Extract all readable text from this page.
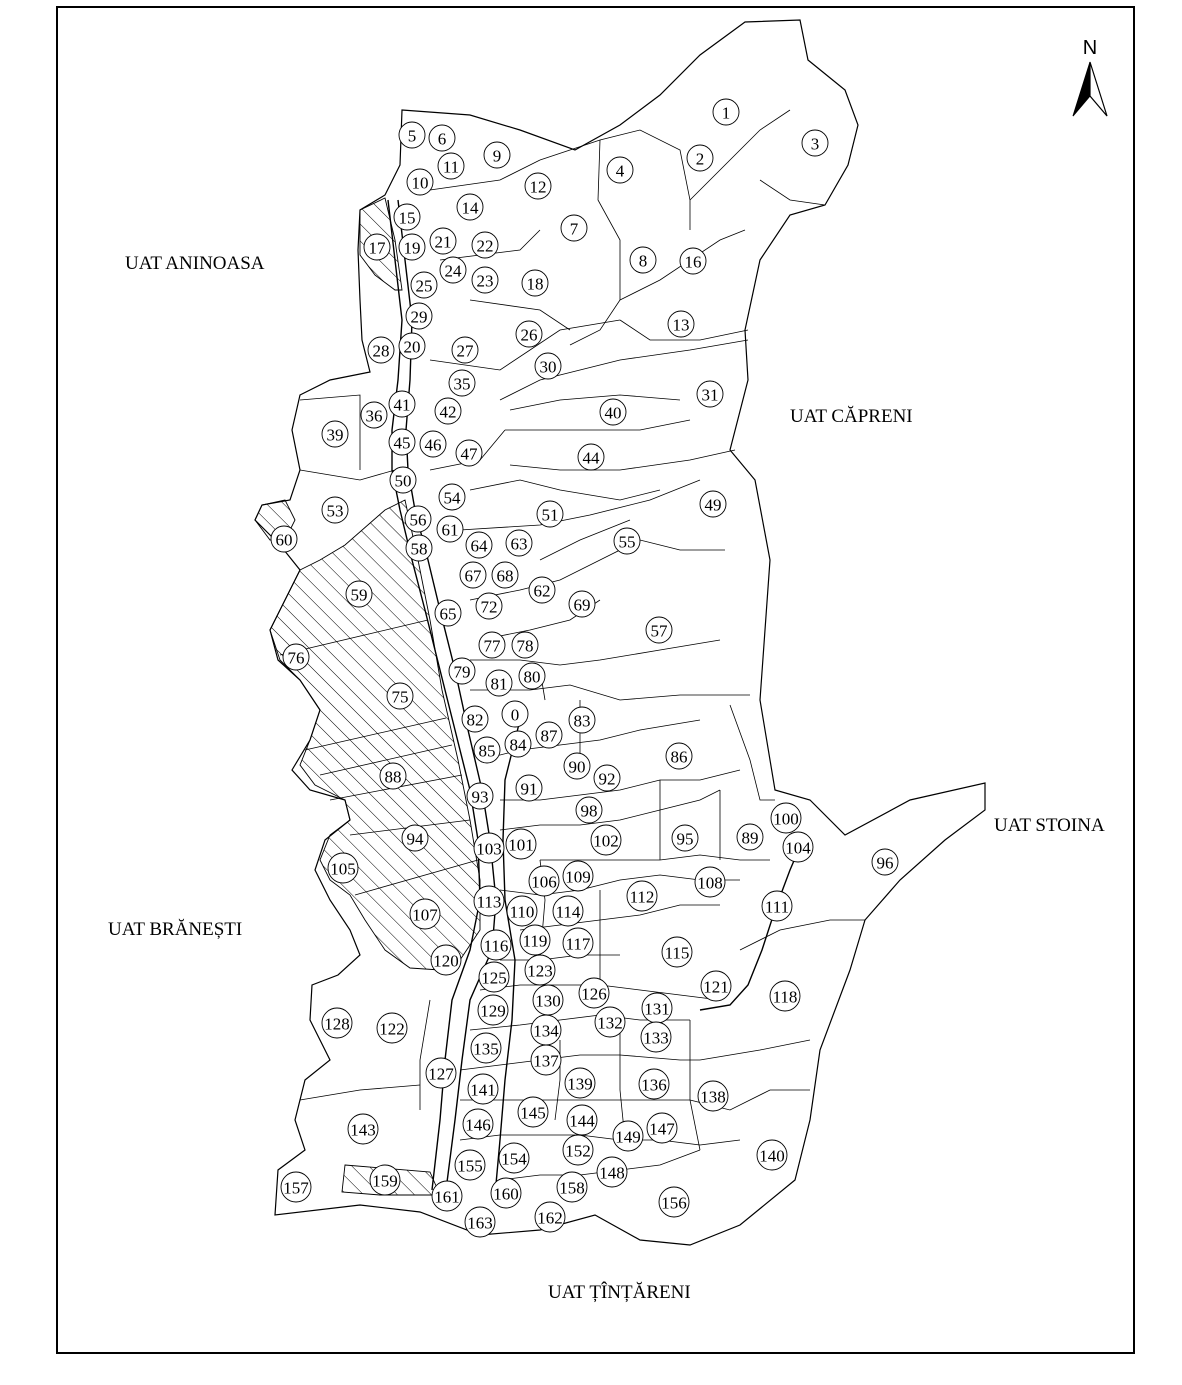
UAT ANINOASA
UAT CĂPRENI
UAT STOINA
UAT BRĂNEȘTI
UAT ȚÎNȚĂRENI
N
1
2
3
4
5 6
7
8
9
10
11
12
13
14
15
16
17
18
19
20
21 22
23
24
25
26
27
28
29
30
31
35
36
39
40
41 42
44
45 46 47
49
50
51
53
54
55
56
57
58
59
60
61
62
63
64
65
67 68
69
72
75
76
77 78
79	80
81
0
82	83
84
85	86
87
88
89
90
91
92
93
94	95
96
98	100
101	102
103	104
105
106
107
108
109
110	111
112
113
114
115
116	117
118
119
120
121
122
123
125
126
127
128
129
130	131
132
133
134
135
136
137
138
139
140
141
143	144
145
146	147
148
149
152
154
155
156
157	158
159
160
161
162
163
